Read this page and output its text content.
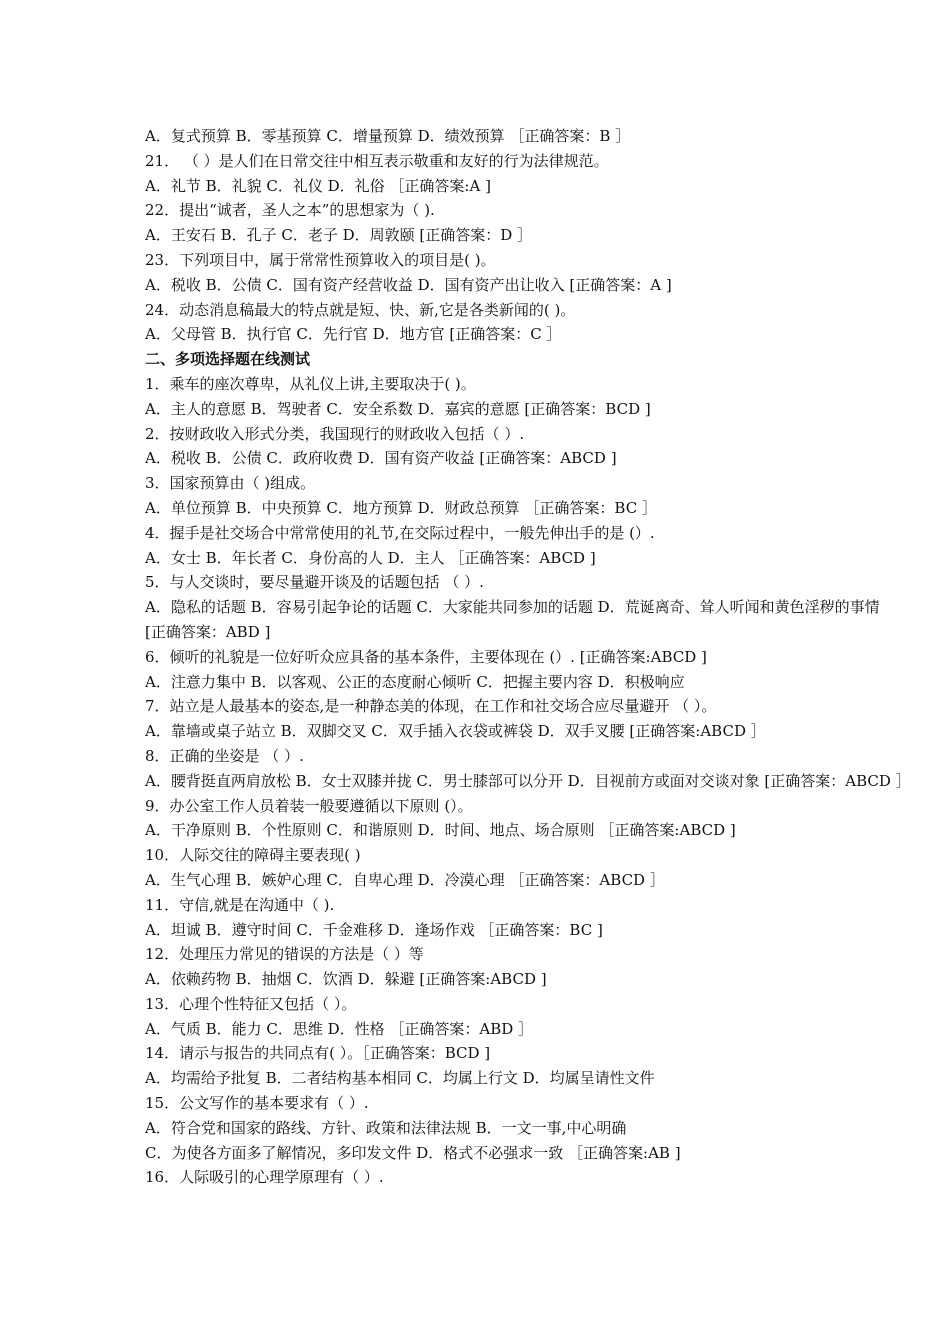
A．复式预算 B．零基预算 C．增量预算 D．绩效预算 ［正确答案：B ］
21． （ ）是人们在日常交往中相互表示敬重和友好的行为法律规范。
A．礼节 B．礼貌 C．礼仪 D．礼俗 ［正确答案:A ]
22．提出“诚者，圣人之本”的思想家为（ ).
A．王安石 B．孔子 C．老子 D．周敦颐 [正确答案：D ］
23．下列项目中，属于常常性预算收入的项目是( )。
A．税收 B．公债 C．国有资产经营收益 D．国有资产出让收入 [正确答案：A ]
24．动态消息稿最大的特点就是短、快、新,它是各类新闻的( )。
A．父母管 B．执行官 C．先行官 D．地方官 [正确答案：C ］
二、多项选择题在线测试
1．乘车的座次尊卑，从礼仪上讲,主要取决于( )。
A．主人的意愿 B．驾驶者 C．安全系数 D．嘉宾的意愿 [正确答案：BCD ]
2．按财政收入形式分类，我国现行的财政收入包括（ ）.
A．税收 B．公债 C．政府收费 D．国有资产收益 [正确答案：ABCD ]
3．国家预算由（ )组成。
A．单位预算 B．中央预算 C．地方预算 D．财政总预算 ［正确答案：BC ］
4．握手是社交场合中常常使用的礼节,在交际过程中，一般先伸出手的是 (）.
A．女士 B．年长者 C．身份高的人 D．主人 ［正确答案：ABCD ]
5．与人交谈时，要尽量避开谈及的话题包括 （ ）.
A．隐私的话题 B．容易引起争论的话题 C．大家能共同参加的话题 D．荒诞离奇、耸人听闻和黄色淫秽的事情 [正确答案：ABD ]
6．倾听的礼貌是一位好听众应具备的基本条件，主要体现在 (）. [正确答案:ABCD ]
A．注意力集中 B．以客观、公正的态度耐心倾听 C．把握主要内容 D．积极响应
7．站立是人最基本的姿态,是一种静态美的体现，在工作和社交场合应尽量避开 （ ）。
A．靠墙或桌子站立 B．双脚交叉 C．双手插入衣袋或裤袋 D．双手叉腰 [正确答案:ABCD ］
8．正确的坐姿是 （ ）.
A．腰背挺直两肩放松 B．女士双膝并拢 C．男士膝部可以分开 D．目视前方或面对交谈对象 [正确答案：ABCD ］
9．办公室工作人员着装一般要遵循以下原则 (）。
A．干净原则 B．个性原则 C．和谐原则 D．时间、地点、场合原则 ［正确答案:ABCD ]
10．人际交往的障碍主要表现( )
A．生气心理 B．嫉妒心理 C．自卑心理 D．冷漠心理 ［正确答案：ABCD ］
11．守信,就是在沟通中（ ).
A．坦诚 B．遵守时间 C．千金难移 D．逢场作戏 ［正确答案：BC ]
12．处理压力常见的错误的方法是（ ）等
A．依赖药物 B．抽烟 C．饮酒 D．躲避 [正确答案:ABCD ]
13．心理个性特征又包括（ ）。
A．气质 B．能力 C．思维 D．性格 ［正确答案：ABD ］
14．请示与报告的共同点有( ）。［正确答案：BCD ]
A．均需给予批复 B．二者结构基本相同 C．均属上行文 D．均属呈请性文件
15．公文写作的基本要求有（ ）.
A．符合党和国家的路线、方针、政策和法律法规 B．一文一事,中心明确
C．为使各方面多了解情况，多印发文件 D．格式不必强求一致 ［正确答案:AB ]
16．人际吸引的心理学原理有（ ）.
